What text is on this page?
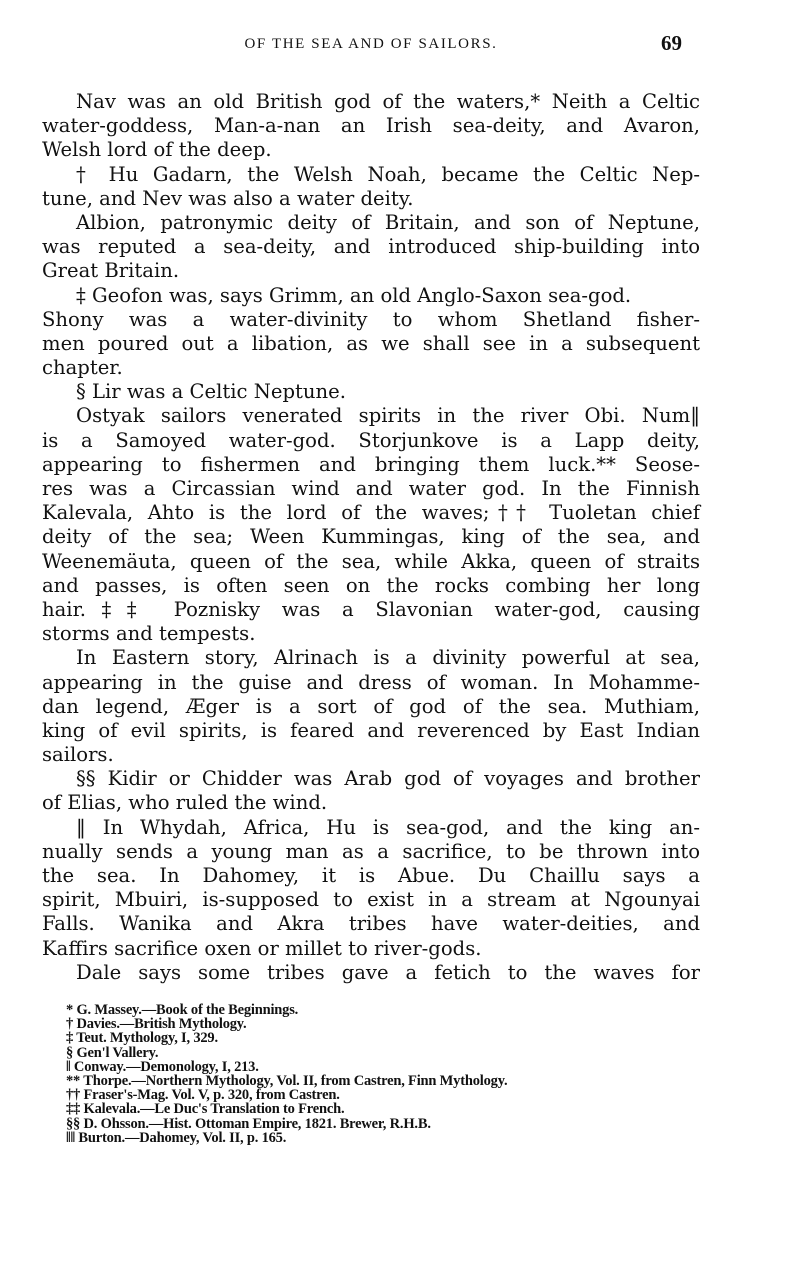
OF THE SEA AND OF SAILORS.	69
Nav was an old British god of the waters,* Neith a Celtic
water-goddess, Man-a-nan an Irish sea-deity, and Avaron,
Welsh lord of the deep.
† Hu Gadarn, the Welsh Noah, became the Celtic Nep-
tune, and Nev was also a water deity.
Albion, patronymic deity of Britain, and son of Neptune,
was reputed a sea-deity, and introduced ship-building into
Great Britain.
‡ Geofon was, says Grimm, an old Anglo-Saxon sea-god.
Shony was a water-divinity to whom Shetland fisher-
men poured out a libation, as we shall see in a subsequent
chapter.
§ Lir was a Celtic Neptune.
Ostyak sailors venerated spirits in the river Obi. Num‖
is a Samoyed water-god. Storjunkove is a Lapp deity,
appearing to fishermen and bringing them luck.** Seose-
res was a Circassian wind and water god. In the Finnish
Kalevala, Ahto is the lord of the waves;†† Tuoletan chief
deity of the sea; Ween Kummingas, king of the sea, and
Weenemäuta, queen of the sea, while Akka, queen of straits
and passes, is often seen on the rocks combing her long
hair.‡‡ Poznisky was a Slavonian water-god, causing
storms and tempests.
In Eastern story, Alrinach is a divinity powerful at sea,
appearing in the guise and dress of woman. In Mohamme-
dan legend, Æger is a sort of god of the sea. Muthiam,
king of evil spirits, is feared and reverenced by East Indian
sailors.
§§ Kidir or Chidder was Arab god of voyages and brother
of Elias, who ruled the wind.
‖ In Whydah, Africa, Hu is sea-god, and the king an-
nually sends a young man as a sacrifice, to be thrown into
the sea. In Dahomey, it is Abue. Du Chaillu says a
spirit, Mbuiri, is-supposed to exist in a stream at Ngounyai
Falls. Wanika and Akra tribes have water-deities, and
Kaffirs sacrifice oxen or millet to river-gods.
Dale says some tribes gave a fetich to the waves for
* G. Massey.—Book of the Beginnings.
† Davies.—British Mythology.
‡ Teut. Mythology, I, 329.
§ Gen'l Vallery.
‖ Conway.—Demonology, I, 213.
** Thorpe.—Northern Mythology, Vol. II, from Castren, Finn Mythology.
†† Fraser's-Mag. Vol. V, p. 320, from Castren.
‡‡ Kalevala.—Le Duc's Translation to French.
§§ D. Ohsson.—Hist. Ottoman Empire, 1821. Brewer, R.H.B.
‖‖ Burton.—Dahomey, Vol. II, p. 165.
